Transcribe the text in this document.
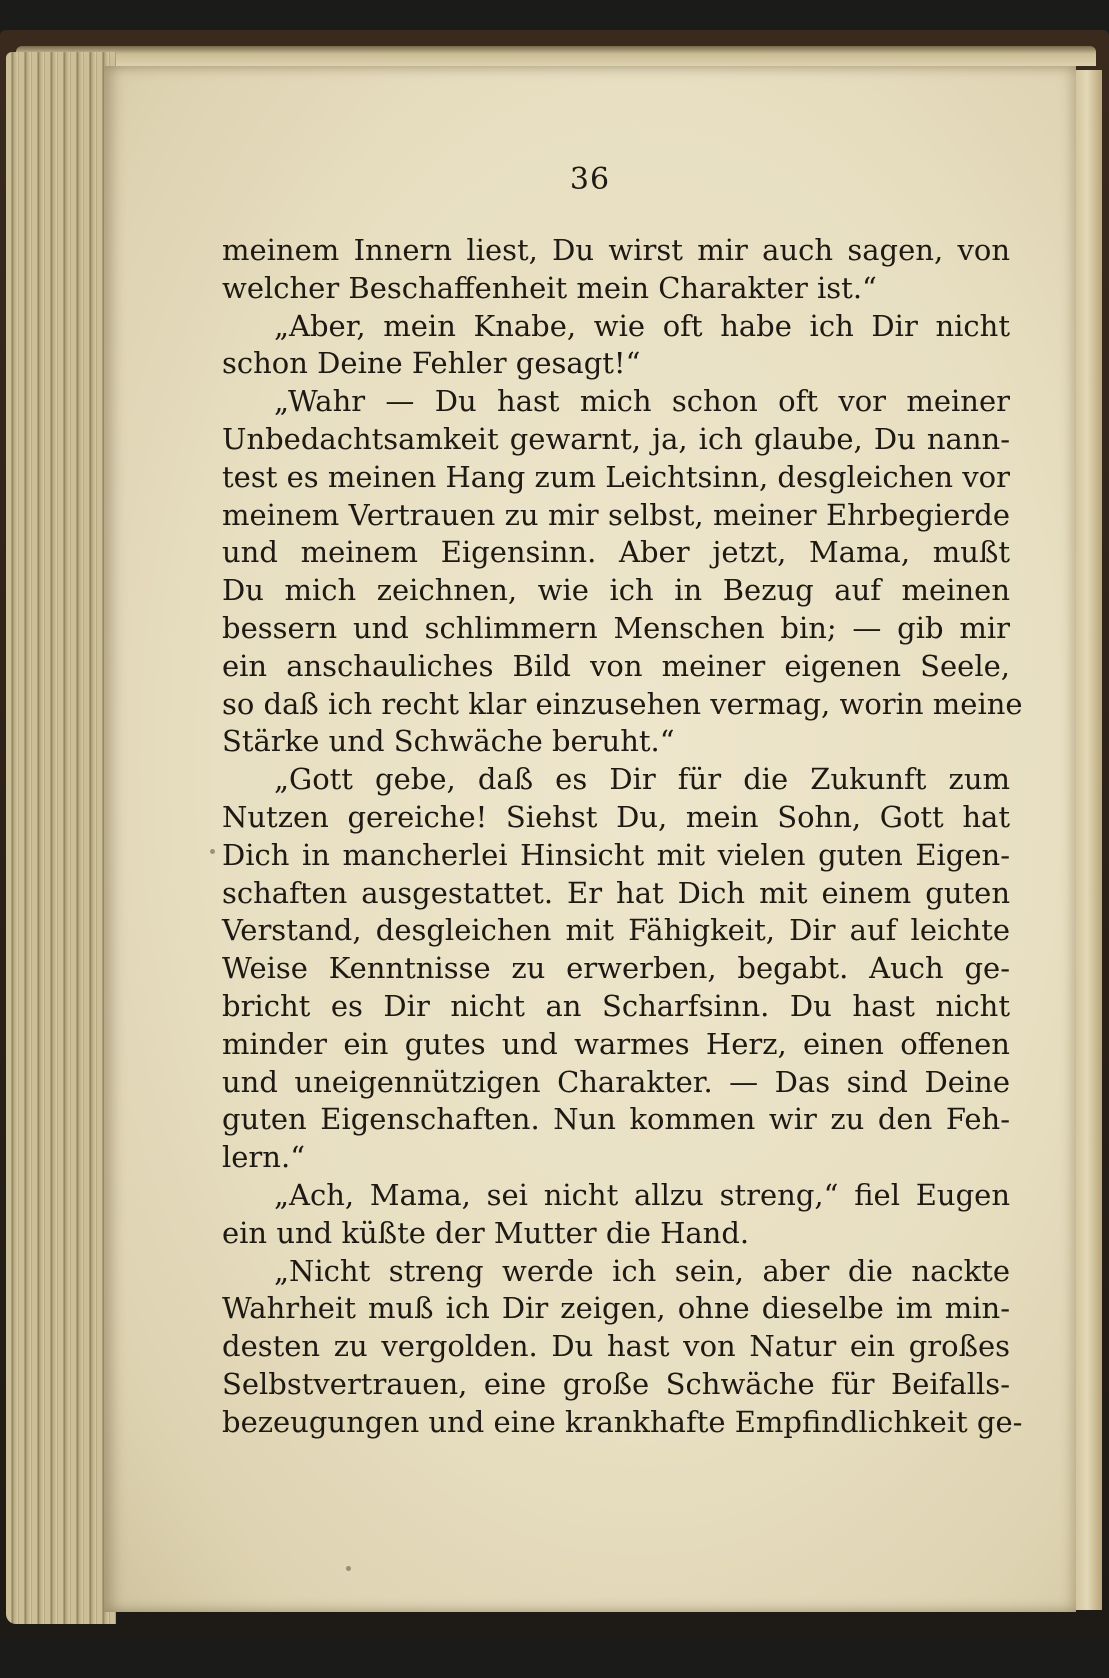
36
meinem Innern liest, Du wirst mir auch sagen, von
welcher Beschaffenheit mein Charakter ist.“
„Aber, mein Knabe, wie oft habe ich Dir nicht
schon Deine Fehler gesagt!“
„Wahr — Du hast mich schon oft vor meiner
Unbedachtsamkeit gewarnt, ja, ich glaube, Du nann-
test es meinen Hang zum Leichtsinn, desgleichen vor
meinem Vertrauen zu mir selbst, meiner Ehrbegierde
und meinem Eigensinn. Aber jetzt, Mama, mußt
Du mich zeichnen, wie ich in Bezug auf meinen
bessern und schlimmern Menschen bin; — gib mir
ein anschauliches Bild von meiner eigenen Seele,
so daß ich recht klar einzusehen vermag, worin meine
Stärke und Schwäche beruht.“
„Gott gebe, daß es Dir für die Zukunft zum
Nutzen gereiche! Siehst Du, mein Sohn, Gott hat
Dich in mancherlei Hinsicht mit vielen guten Eigen-
schaften ausgestattet. Er hat Dich mit einem guten
Verstand, desgleichen mit Fähigkeit, Dir auf leichte
Weise Kenntnisse zu erwerben, begabt. Auch ge-
bricht es Dir nicht an Scharfsinn. Du hast nicht
minder ein gutes und warmes Herz, einen offenen
und uneigennützigen Charakter. — Das sind Deine
guten Eigenschaften. Nun kommen wir zu den Feh-
lern.“
„Ach, Mama, sei nicht allzu streng,“ fiel Eugen
ein und küßte der Mutter die Hand.
„Nicht streng werde ich sein, aber die nackte
Wahrheit muß ich Dir zeigen, ohne dieselbe im min-
desten zu vergolden. Du hast von Natur ein großes
Selbstvertrauen, eine große Schwäche für Beifalls-
bezeugungen und eine krankhafte Empfindlichkeit ge-
